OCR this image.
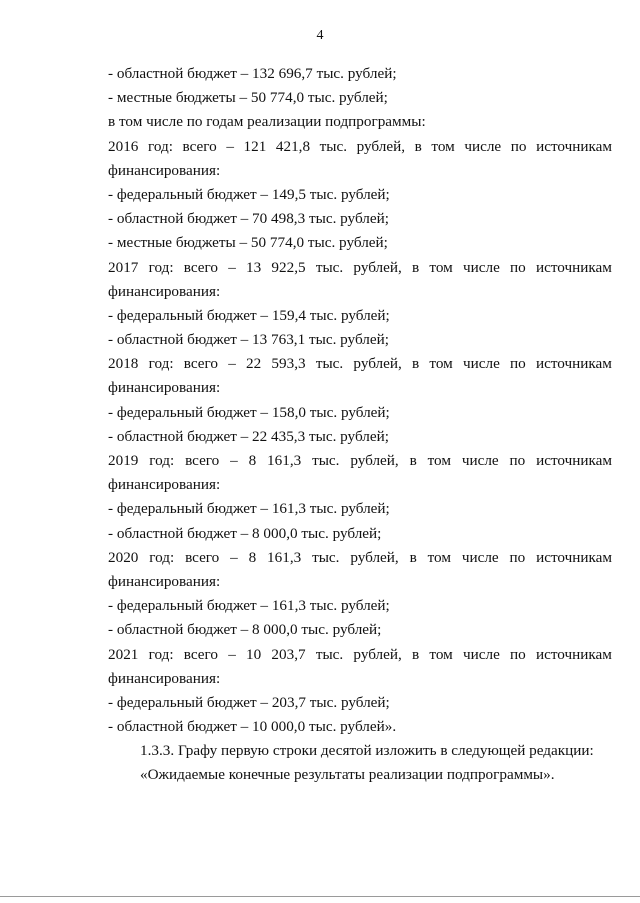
4
- областной бюджет – 132 696,7 тыс. рублей;
- местные бюджеты – 50 774,0 тыс. рублей;
в том числе по годам реализации подпрограммы:
2016 год: всего – 121 421,8 тыс. рублей, в том числе по источникам
финансирования:
- федеральный бюджет – 149,5 тыс. рублей;
- областной бюджет – 70 498,3 тыс. рублей;
- местные бюджеты – 50 774,0 тыс. рублей;
2017 год: всего – 13 922,5 тыс. рублей, в том числе по источникам
финансирования:
- федеральный бюджет – 159,4 тыс. рублей;
- областной бюджет – 13 763,1 тыс. рублей;
2018 год: всего – 22 593,3 тыс. рублей, в том числе по источникам
финансирования:
- федеральный бюджет – 158,0 тыс. рублей;
- областной бюджет – 22 435,3 тыс. рублей;
2019 год: всего – 8 161,3 тыс. рублей, в том числе по источникам
финансирования:
- федеральный бюджет – 161,3 тыс. рублей;
- областной бюджет – 8 000,0 тыс. рублей;
2020 год: всего – 8 161,3 тыс. рублей, в том числе по источникам
финансирования:
- федеральный бюджет – 161,3 тыс. рублей;
- областной бюджет – 8 000,0 тыс. рублей;
2021 год: всего – 10 203,7 тыс. рублей, в том числе по источникам
финансирования:
- федеральный бюджет – 203,7 тыс. рублей;
- областной бюджет – 10 000,0 тыс. рублей».
1.3.3. Графу первую строки десятой изложить в следующей редакции:
«Ожидаемые конечные результаты реализации подпрограммы».
